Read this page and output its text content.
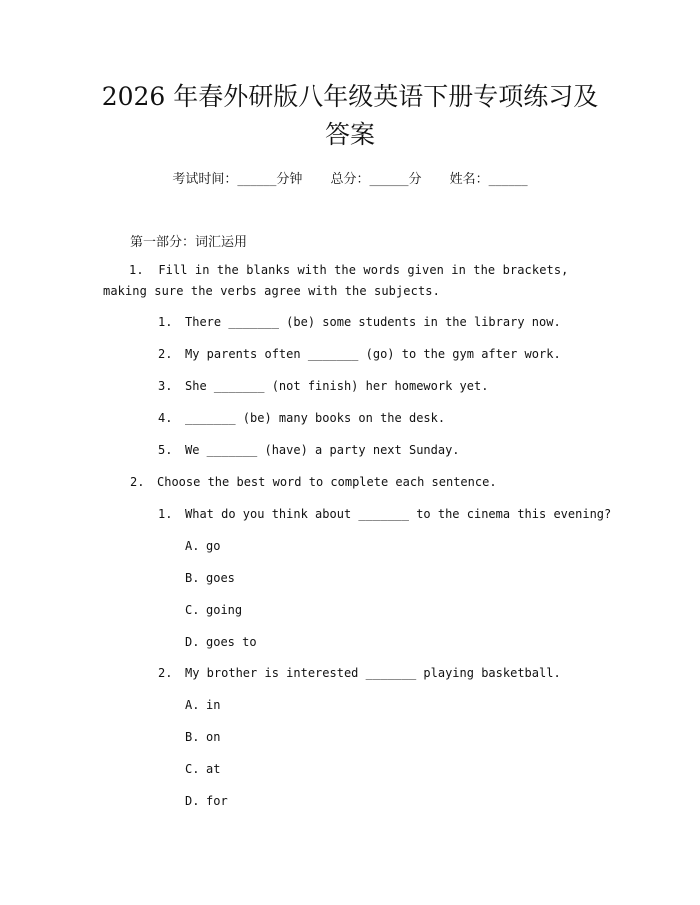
2026 年春外研版八年级英语下册专项练习及答案
考试时间：______分钟 总分：______分 姓名：______
第一部分：词汇运用
1. Fill in the blanks with the words given in the brackets, making sure the verbs agree with the subjects.
1. There _______ (be) some students in the library now.
2. My parents often _______ (go) to the gym after work.
3. She _______ (not finish) her homework yet.
4. _______ (be) many books on the desk.
5. We _______ (have) a party next Sunday.
2. Choose the best word to complete each sentence.
1. What do you think about _______ to the cinema this evening?
A. go
B. goes
C. going
D. goes to
2. My brother is interested _______ playing basketball.
A. in
B. on
C. at
D. for
